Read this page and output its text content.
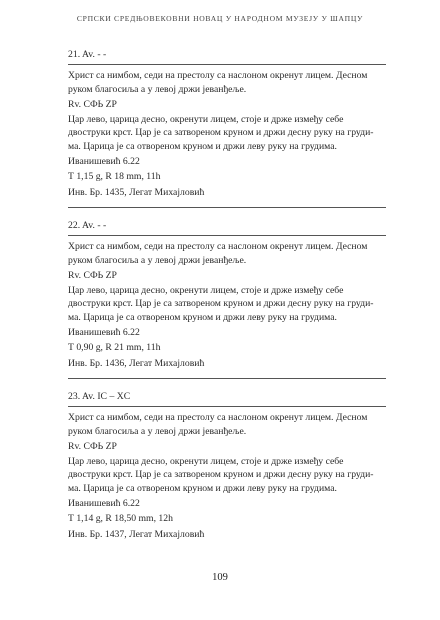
СРПСКИ СРЕДЊОВЕКОВНИ НОВАЦ У НАРОДНОМ МУЗЕЈУ У ШАПЦУ
21. Av. - -
Христ са нимбом, седи на престолу са наслоном окренут лицем. Десном руком благосиља а у левој држи јеванђеље.
Rv. СФЬ ZP
Цар лево, царица десно, окренути лицем, стоје и држе између себе двоструки крст. Цар је са затвореном круном и држи десну руку на груди-ма. Царица је са отвореном круном и држи леву руку на грудима.
Иванишевић 6.22
Т 1,15 g, R 18 mm, 11h
Инв. Бр. 1435, Легат Михајловић
22. Av. - -
Христ са нимбом, седи на престолу са наслоном окренут лицем. Десном руком благосиља а у левој држи јеванђеље.
Rv. СФЬ ZP
Цар лево, царица десно, окренути лицем, стоје и држе између себе двоструки крст. Цар је са затвореном круном и држи десну руку на груди-ма. Царица је са отвореном круном и држи леву руку на грудима.
Иванишевић 6.22
Т 0,90 g, R 21 mm, 11h
Инв. Бр. 1436, Легат Михајловић
23. Av. IC – XC
Христ са нимбом, седи на престолу са наслоном окренут лицем. Десном руком благосиља а у левој држи јеванђеље.
Rv. СФЬ ZP
Цар лево, царица десно, окренути лицем, стоје и држе између себе двоструки крст. Цар је са затвореном круном и држи десну руку на груди-ма. Царица је са отвореном круном и држи леву руку на грудима.
Иванишевић 6.22
Т 1,14 g, R 18,50 mm, 12h
Инв. Бр. 1437, Легат Михајловић
109
